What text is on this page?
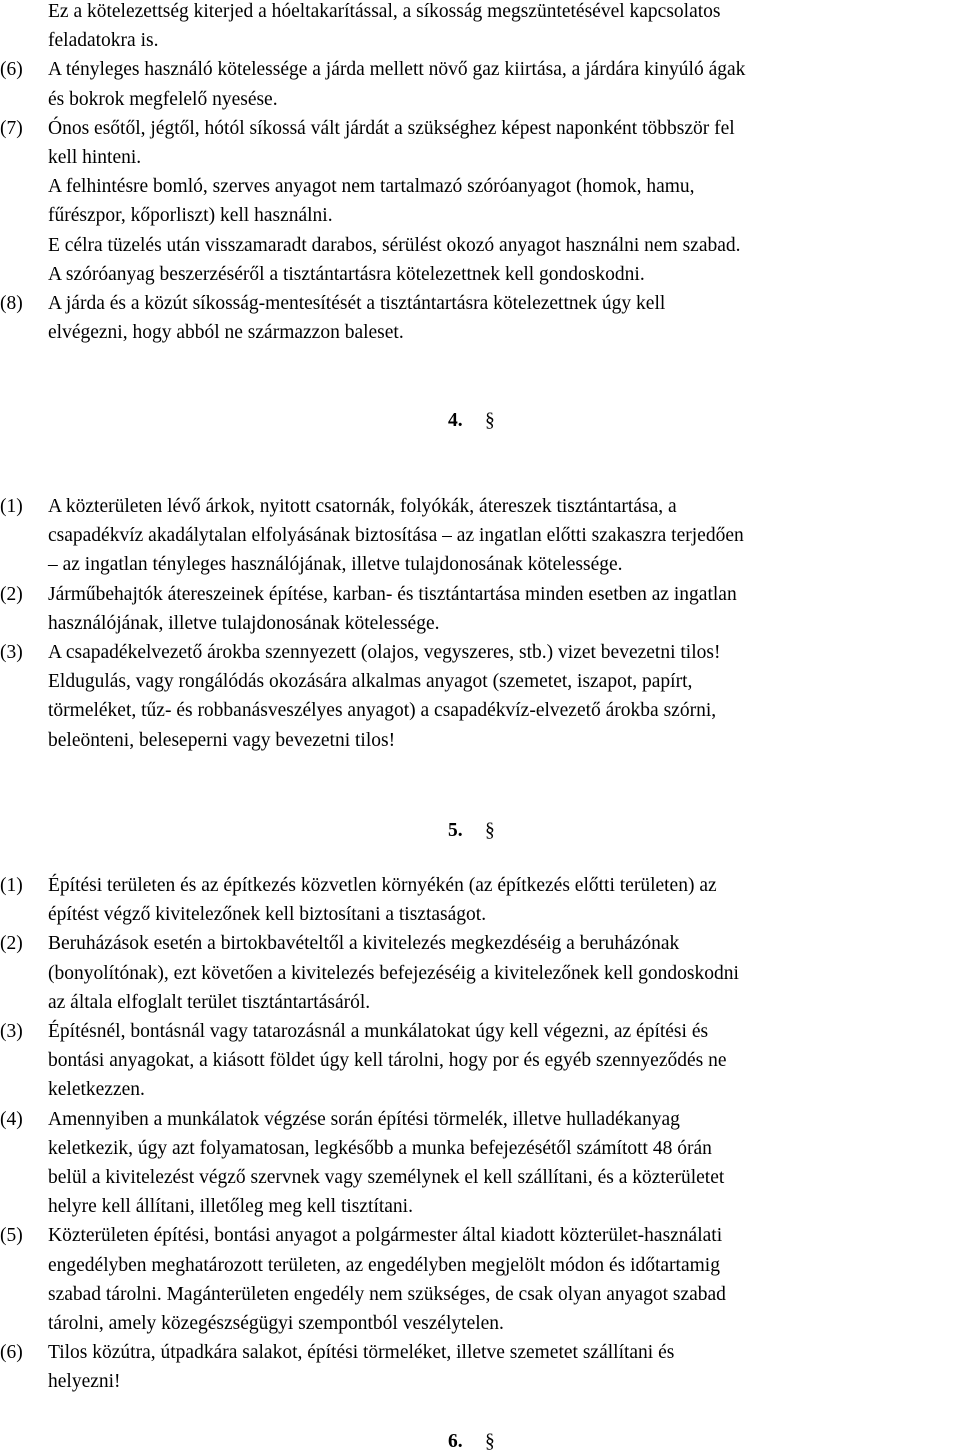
Ez a kötelezettség kiterjed a hóeltakarítással, a síkosság megszüntetésével kapcsolatos
feladatokra is.
(6) A tényleges használó kötelessége a járda mellett növő gaz kiirtása, a járdára kinyúló ágak
és bokrok megfelelő nyesése.
(7) Ónos esőtől, jégtől, hótól síkossá vált járdát a szükséghez képest naponként többször fel
kell hinteni.
A felhintésre bomló, szerves anyagot nem tartalmazó szóróanyagot (homok, hamu,
fűrészpor, kőporliszt) kell használni.
E célra tüzelés után visszamaradt darabos, sérülést okozó anyagot használni nem szabad.
A szóróanyag beszerzéséről a tisztántartásra kötelezettnek kell gondoskodni.
(8) A járda és a közút síkosság-mentesítését a tisztántartásra kötelezettnek úgy kell
elvégezni, hogy abból ne származzon baleset.
4. §
(1) A közterületen lévő árkok, nyitott csatornák, folyókák, átereszek tisztántartása, a
csapadékvíz akadálytalan elfolyásának biztosítása – az ingatlan előtti szakaszra terjedően
– az ingatlan tényleges használójának, illetve tulajdonosának kötelessége.
(2) Járműbehajtók átereszeinek építése, karban- és tisztántartása minden esetben az ingatlan
használójának, illetve tulajdonosának kötelessége.
(3) A csapadékelvezető árokba szennyezett (olajos, vegyszeres, stb.) vizet bevezetni tilos!
Eldugulás, vagy rongálódás okozására alkalmas anyagot (szemetet, iszapot, papírt,
törmeléket, tűz- és robbanásveszélyes anyagot) a csapadékvíz-elvezető árokba szórni,
beleönteni, beleseperni vagy bevezetni tilos!
5. §
(1) Építési területen és az építkezés közvetlen környékén (az építkezés előtti területen) az
építést végző kivitelezőnek kell biztosítani a tisztaságot.
(2) Beruházások esetén a birtokbavételtől a kivitelezés megkezdéséig a beruházónak
(bonyolítónak), ezt követően a kivitelezés befejezéséig a kivitelezőnek kell gondoskodni
az általa elfoglalt terület tisztántartásáról.
(3) Építésnél, bontásnál vagy tatarozásnál a munkálatokat úgy kell végezni, az építési és
bontási anyagokat, a kiásott földet úgy kell tárolni, hogy por és egyéb szennyeződés ne
keletkezzen.
(4) Amennyiben a munkálatok végzése során építési törmelék, illetve hulladékanyag
keletkezik, úgy azt folyamatosan, legkésőbb a munka befejezésétől számított 48 órán
belül a kivitelezést végző szervnek vagy személynek el kell szállítani, és a közterületet
helyre kell állítani, illetőleg meg kell tisztítani.
(5) Közterületen építési, bontási anyagot a polgármester által kiadott közterület-használati
engedélyben meghatározott területen, az engedélyben megjelölt módon és időtartamig
szabad tárolni. Magánterületen engedély nem szükséges, de csak olyan anyagot szabad
tárolni, amely közegészségügyi szempontból veszélytelen.
(6) Tilos közútra, útpadkára salakot, építési törmeléket, illetve szemetet szállítani és
helyezni!
6. §
